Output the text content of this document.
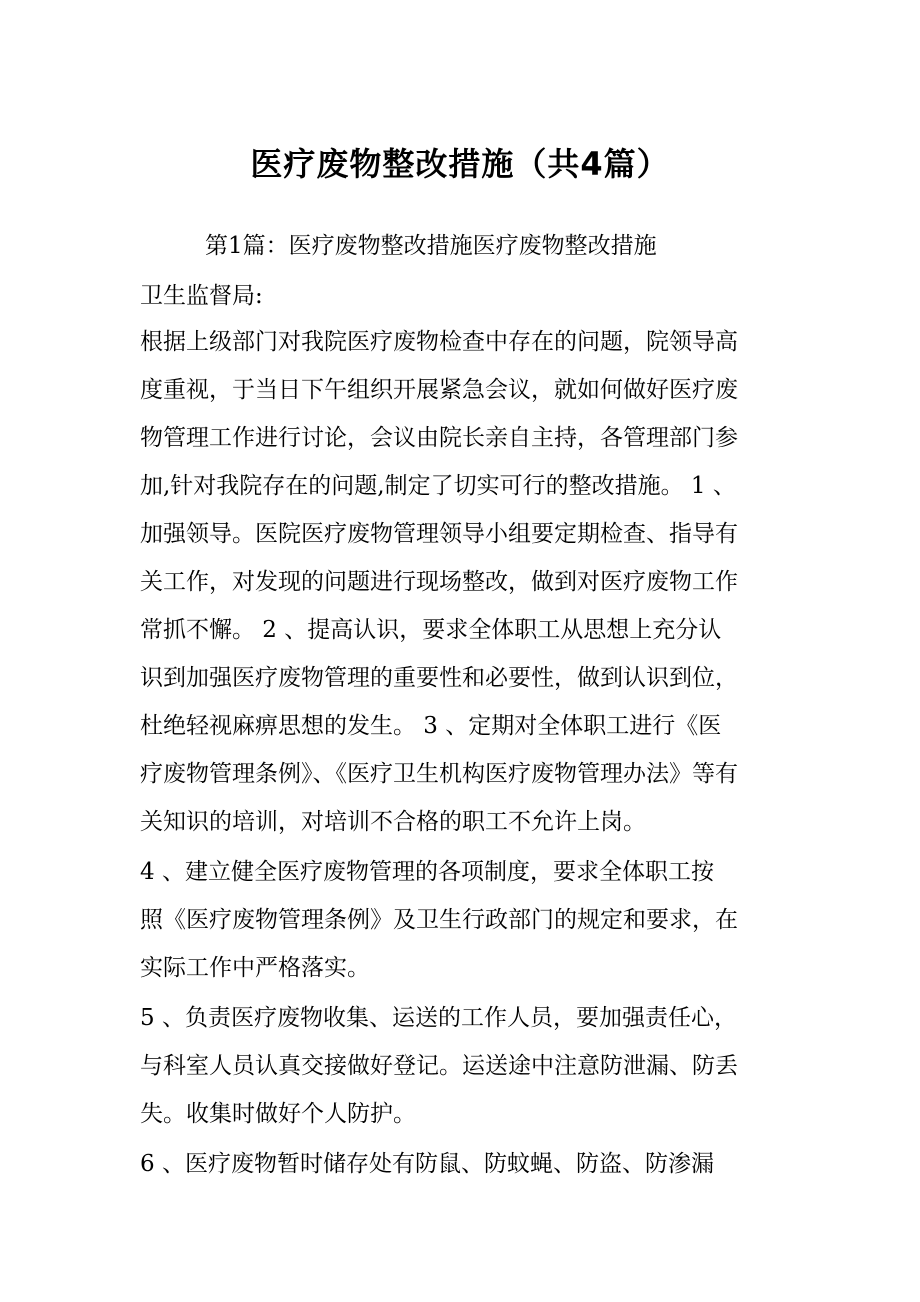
医疗废物整改措施（共4篇）
第1篇：医疗废物整改措施医疗废物整改措施
卫生监督局:
根据上级部门对我院医疗废物检查中存在的问题，院领导高
度重视，于当日下午组织开展紧急会议，就如何做好医疗废
物管理工作进行讨论，会议由院长亲自主持，各管理部门参
加,针对我院存在的问题,制定了切实可行的整改措施。 1 、
加强领导。医院医疗废物管理领导小组要定期检查、指导有
关工作，对发现的问题进行现场整改，做到对医疗废物工作
常抓不懈。 2 、提高认识，要求全体职工从思想上充分认
识到加强医疗废物管理的重要性和必要性，做到认识到位，
杜绝轻视麻痹思想的发生。 3 、定期对全体职工进行《医
疗废物管理条例》、《医疗卫生机构医疗废物管理办法》等有
关知识的培训，对培训不合格的职工不允许上岗。
4 、建立健全医疗废物管理的各项制度，要求全体职工按
照《医疗废物管理条例》及卫生行政部门的规定和要求，在
实际工作中严格落实。
5 、负责医疗废物收集、运送的工作人员，要加强责任心，
与科室人员认真交接做好登记。运送途中注意防泄漏、防丢
失。收集时做好个人防护。
6 、医疗废物暂时储存处有防鼠、防蚊蝇、防盗、防渗漏
